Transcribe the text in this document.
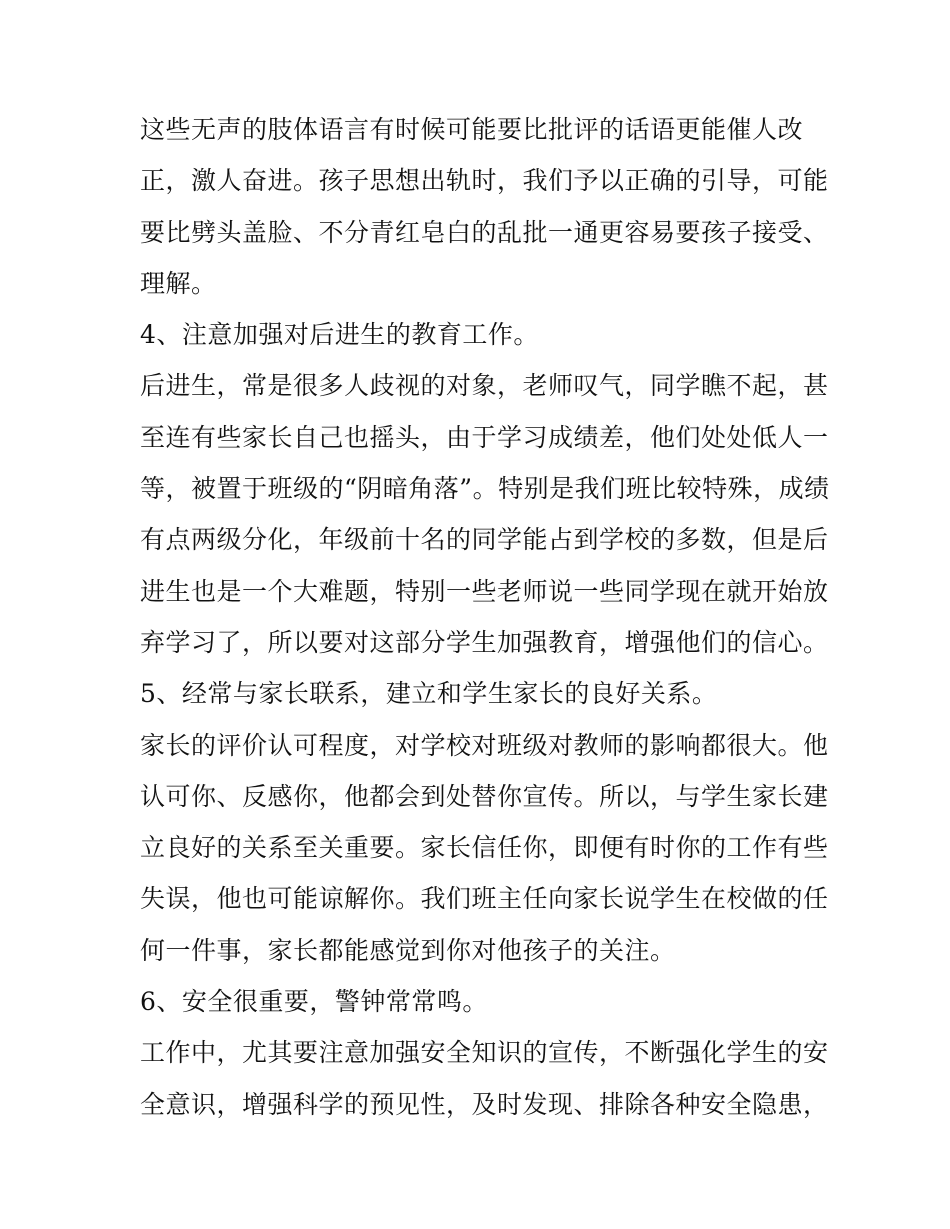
这些无声的肢体语言有时候可能要比批评的话语更能催人改
正，激人奋进。孩子思想出轨时，我们予以正确的引导，可能
要比劈头盖脸、不分青红皂白的乱批一通更容易要孩子接受、
理解。
4、注意加强对后进生的教育工作。
后进生，常是很多人歧视的对象，老师叹气，同学瞧不起，甚
至连有些家长自己也摇头，由于学习成绩差，他们处处低人一
等，被置于班级的“阴暗角落”。特别是我们班比较特殊，成绩
有点两级分化，年级前十名的同学能占到学校的多数，但是后
进生也是一个大难题，特别一些老师说一些同学现在就开始放
弃学习了，所以要对这部分学生加强教育，增强他们的信心。
5、经常与家长联系，建立和学生家长的良好关系。
家长的评价认可程度，对学校对班级对教师的影响都很大。他
认可你、反感你，他都会到处替你宣传。所以，与学生家长建
立良好的关系至关重要。家长信任你，即便有时你的工作有些
失误，他也可能谅解你。我们班主任向家长说学生在校做的任
何一件事，家长都能感觉到你对他孩子的关注。
6、安全很重要，警钟常常鸣。
工作中，尤其要注意加强安全知识的宣传，不断强化学生的安
全意识，增强科学的预见性，及时发现、排除各种安全隐患，
